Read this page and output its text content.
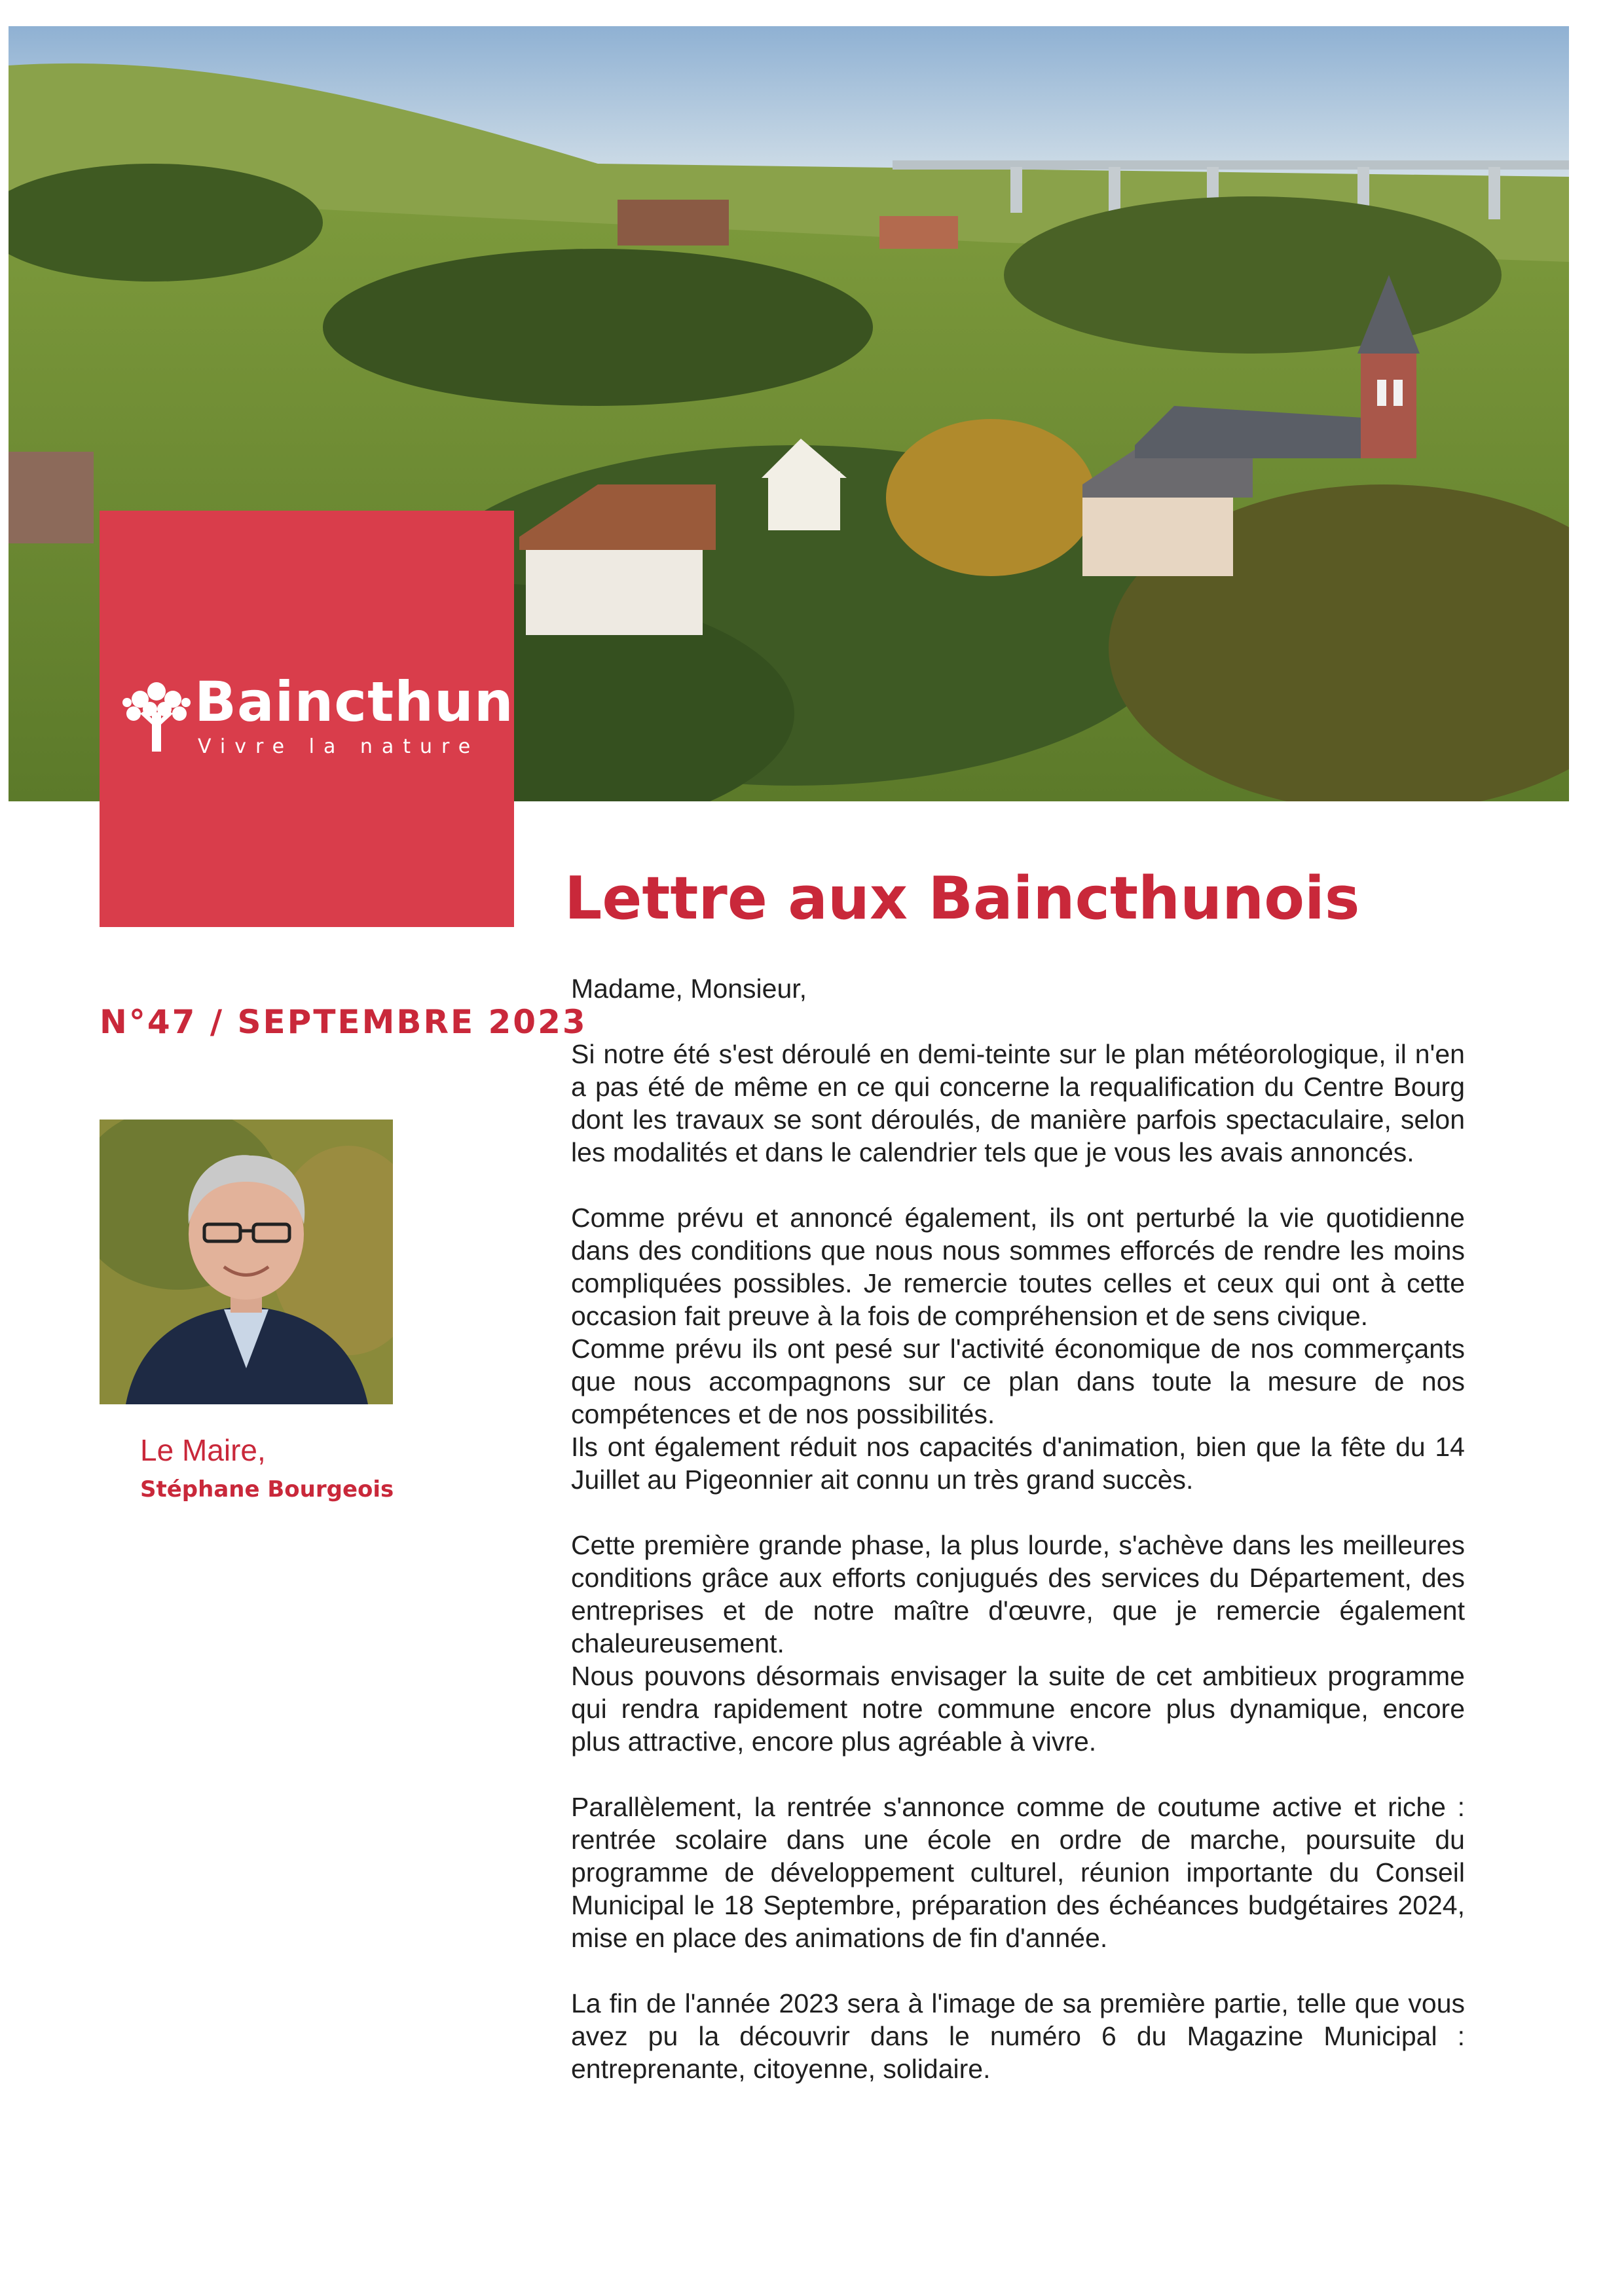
Baincthun
Vivre la nature
N°47 / SEPTEMBRE 2023
Le Maire,
Stéphane Bourgeois
Lettre aux Baincthunois

Madame, Monsieur,

Si notre été s'est déroulé en demi-teinte sur le plan météorologique, il n'en a pas été de même en ce qui concerne la requalification du Centre Bourg dont les travaux se sont déroulés, de manière parfois spectaculaire, selon les modalités et dans le calendrier tels que je vous les avais annoncés.

Comme prévu et annoncé également, ils ont perturbé la vie quotidienne dans des conditions que nous nous sommes efforcés de rendre les moins compliquées possibles. Je remercie toutes celles et ceux qui ont à cette occasion fait preuve à la fois de compréhension et de sens civique.

Comme prévu ils ont pesé sur l'activité économique de nos commerçants que nous accompagnons sur ce plan dans toute la mesure de nos compétences et de nos possibilités.

Ils ont également réduit nos capacités d'animation, bien que la fête du 14 Juillet au Pigeonnier ait connu un très grand succès.

Cette première grande phase, la plus lourde, s'achève dans les meilleures conditions grâce aux efforts conjugués des services du Département, des entreprises et de notre maître d'œuvre, que je remercie également chaleureusement.

Nous pouvons désormais envisager la suite de cet ambitieux programme qui rendra rapidement notre commune encore plus dynamique, encore plus attractive, encore plus agréable à vivre.

Parallèlement, la rentrée s'annonce comme de coutume active et riche : rentrée scolaire dans une école en ordre de marche, poursuite du programme de développement culturel, réunion importante du Conseil Municipal le 18 Septembre, préparation des échéances budgétaires 2024, mise en place des animations de fin d'année.

La fin de l'année 2023 sera à l'image de sa première partie, telle que vous avez pu la découvrir dans le numéro 6 du Magazine Municipal : entreprenante, citoyenne, solidaire.
